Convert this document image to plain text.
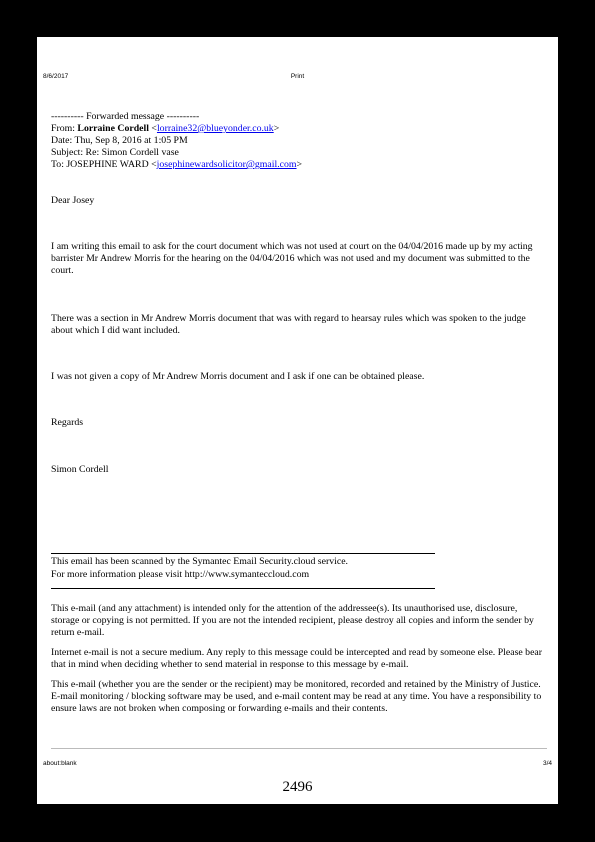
8/6/2017	Print
---------- Forwarded message ----------
From: Lorraine Cordell <lorraine32@blueyonder.co.uk>
Date: Thu, Sep 8, 2016 at 1:05 PM
Subject: Re: Simon Cordell vase
To: JOSEPHINE WARD <josephinewardsolicitor@gmail.com>

Dear Josey

I am writing this email to ask for the court document which was not used at court on the 04/04/2016 made up by my acting barrister Mr Andrew Morris for the hearing on the 04/04/2016 which was not used and my document was submitted to the court.

There was a section in Mr Andrew Morris document that was with regard to hearsay rules which was spoken to the judge about which I did want included.

I was not given a copy of Mr Andrew Morris document and I ask if one can be obtained please.

Regards

Simon Cordell

This email has been scanned by the Symantec Email Security.cloud service.

For more information please visit http://www.symanteccloud.com

This e-mail (and any attachment) is intended only for the attention of the addressee(s). Its unauthorised use, disclosure, storage or copying is not permitted. If you are not the intended recipient, please destroy all copies and inform the sender by return e-mail.

Internet e-mail is not a secure medium. Any reply to this message could be intercepted and read by someone else. Please bear that in mind when deciding whether to send material in response to this message by e-mail.

This e-mail (whether you are the sender or the recipient) may be monitored, recorded and retained by the Ministry of Justice. E-mail monitoring / blocking software may be used, and e-mail content may be read at any time. You have a responsibility to ensure laws are not broken when composing or forwarding e-mails and their contents.

about:blank	3/4
2496
